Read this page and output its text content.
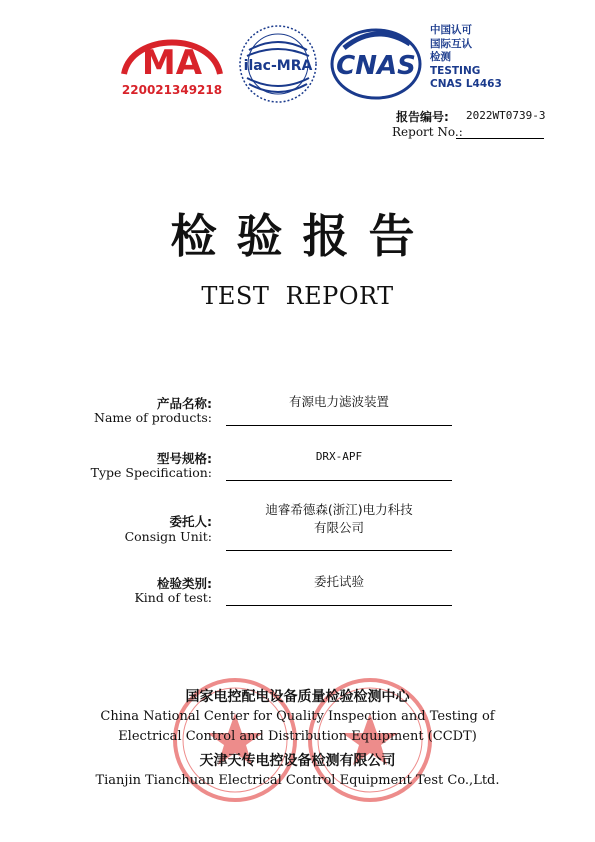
MA
220021349218
ilac-MRA CNAS
中国认可
国际互认
检测
TESTING
CNAS L4463
报告编号: 2022WT0739-3
Report No.:
检验报告
TEST  REPORT
产品名称:
Name of products:
有源电力滤波装置
型号规格:
Type Specification:
DRX-APF
委托人:
Consign Unit:
迪睿希德森(浙江)电力科技
有限公司
检验类别:
Kind of test:
委托试验
国家电控配电设备质量检验检测中心
China National Center for Quality Inspection and Testing of
Electrical Control and Distribution Equipment (CCDT)
天津天传电控设备检测有限公司
Tianjin Tianchuan Electrical Control Equipment Test Co.,Ltd.
